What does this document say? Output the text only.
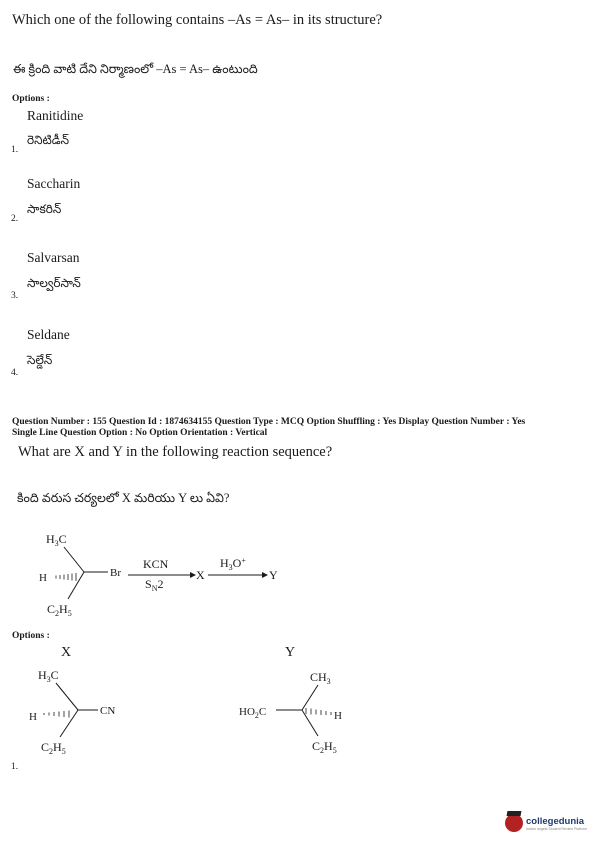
Which one of the following contains –As = As– in its structure?
ఈ క్రింది వాటి దేని నిర్మాణంలో –As = As– ఉంటుంది
Options :
Ranitidine
రెనిటిడీన్
1.
Saccharin
సాకరిన్
2.
Salvarsan
సాల్వర్‌సాన్
3.
Seldane
సెల్డేన్
4.
Question Number : 155 Question Id : 1874634155 Question Type : MCQ Option Shuffling : Yes Display Question Number : Yes
Single Line Question Option : No Option Orientation : Vertical
What are X and Y in the following reaction sequence?
కింది వరుస చర్యలలో X మరియు Y లు ఏవి?
$H_3C$
H	Br
$C_2H_5$
KCN
$S_N2$
X
$H_3O^+$
Y
Options :
X	Y
$H_3C$
H	CN
$C_2H_5$
$CH_3$
$HO_2C$	H
$C_2H_5$
1.
collegedunia
India's largest Student Review Platform
